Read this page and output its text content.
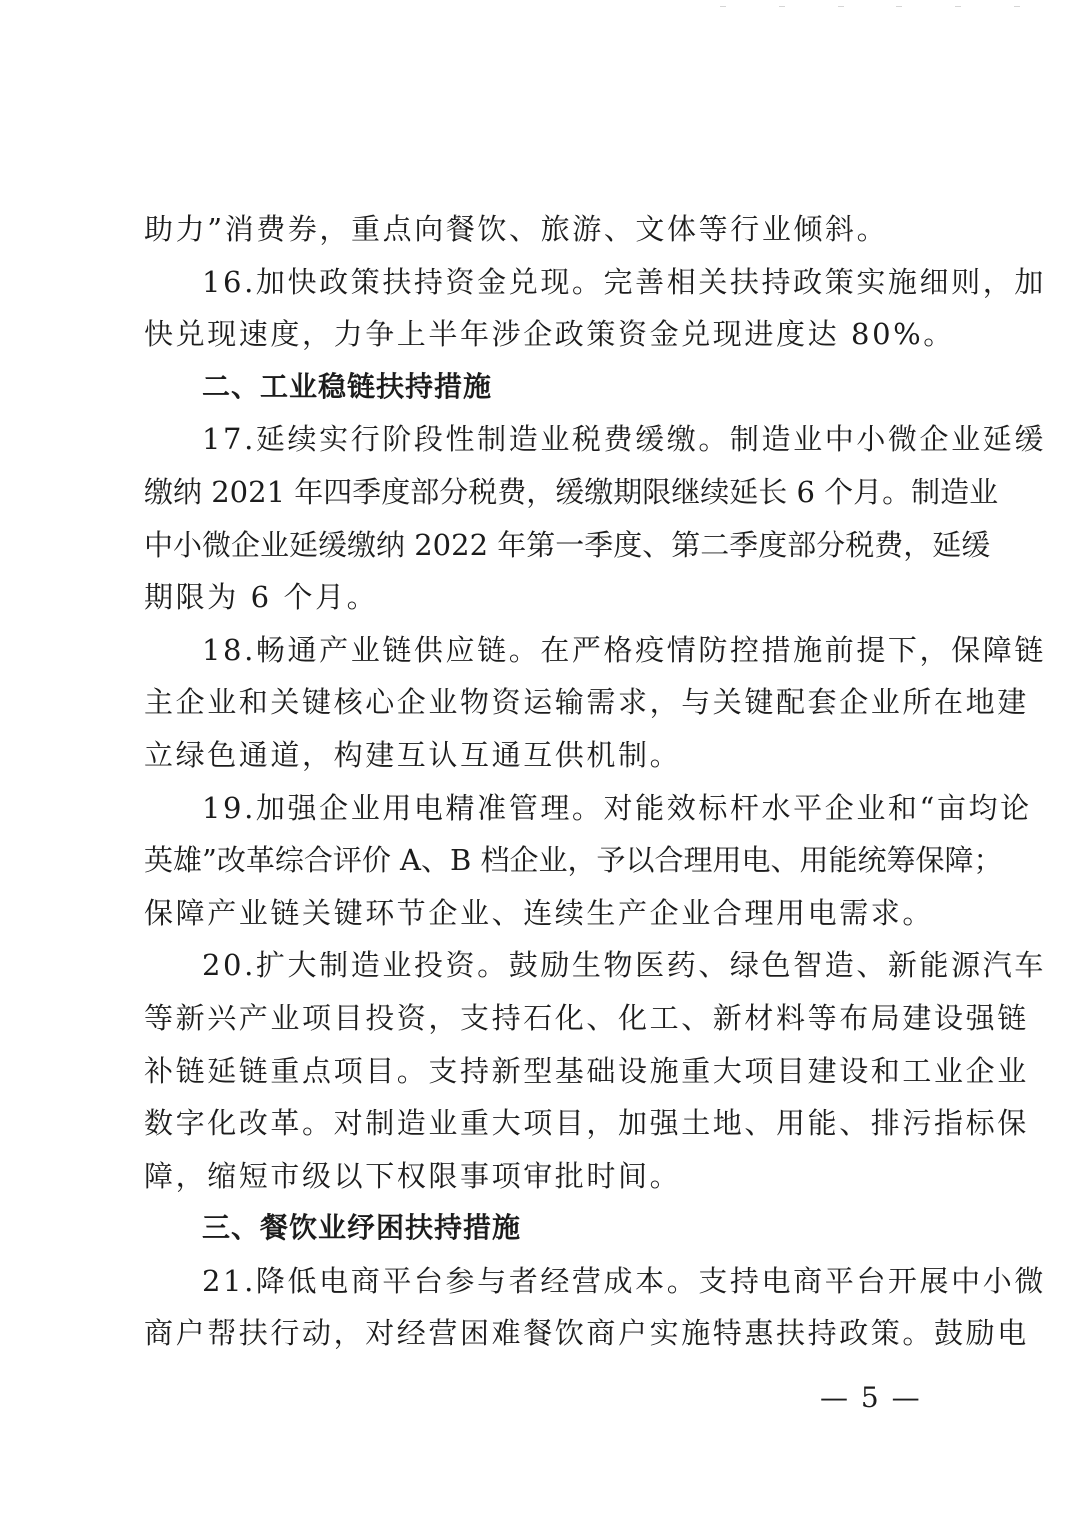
助力”消费券，重点向餐饮、旅游、文体等行业倾斜。
16.加快政策扶持资金兑现。完善相关扶持政策实施细则，加
快兑现速度，力争上半年涉企政策资金兑现进度达 80%。
二、工业稳链扶持措施
17.延续实行阶段性制造业税费缓缴。制造业中小微企业延缓
缴纳 2021 年四季度部分税费，缓缴期限继续延长 6 个月。制造业
中小微企业延缓缴纳 2022 年第一季度、第二季度部分税费，延缓
期限为 6 个月。
18.畅通产业链供应链。在严格疫情防控措施前提下，保障链
主企业和关键核心企业物资运输需求，与关键配套企业所在地建
立绿色通道，构建互认互通互供机制。
19.加强企业用电精准管理。对能效标杆水平企业和“亩均论
英雄”改革综合评价 A、B 档企业，予以合理用电、用能统筹保障；
保障产业链关键环节企业、连续生产企业合理用电需求。
20.扩大制造业投资。鼓励生物医药、绿色智造、新能源汽车
等新兴产业项目投资，支持石化、化工、新材料等布局建设强链
补链延链重点项目。支持新型基础设施重大项目建设和工业企业
数字化改革。对制造业重大项目，加强土地、用能、排污指标保
障，缩短市级以下权限事项审批时间。
三、餐饮业纾困扶持措施
21.降低电商平台参与者经营成本。支持电商平台开展中小微
商户帮扶行动，对经营困难餐饮商户实施特惠扶持政策。鼓励电
— 5 —
